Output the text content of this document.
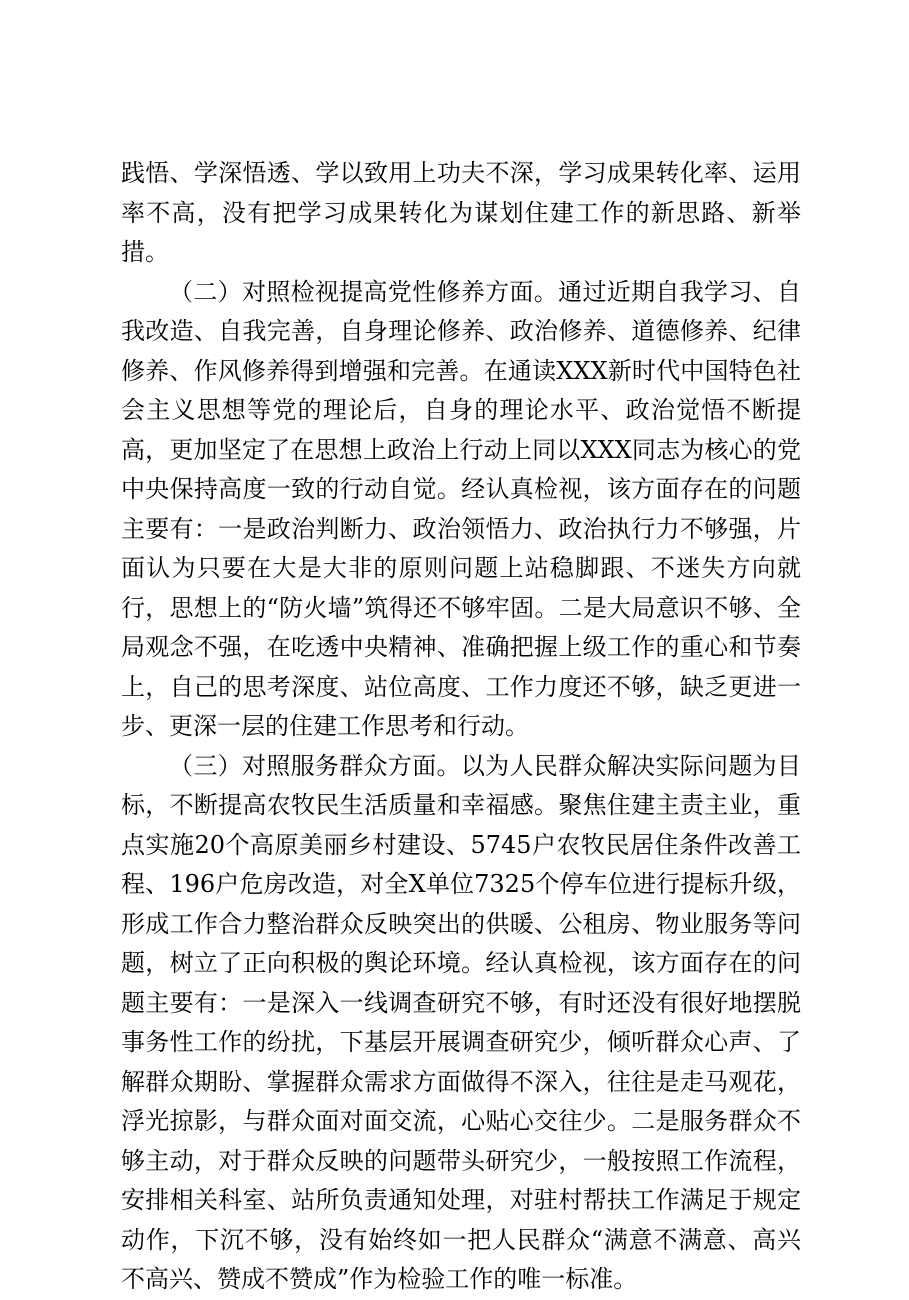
践悟、学深悟透、学以致用上功夫不深，学习成果转化率、运用率不高，没有把学习成果转化为谋划住建工作的新思路、新举措。

（二）对照检视提高党性修养方面。通过近期自我学习、自我改造、自我完善，自身理论修养、政治修养、道德修养、纪律修养、作风修养得到增强和完善。在通读XXX新时代中国特色社会主义思想等党的理论后，自身的理论水平、政治觉悟不断提高，更加坚定了在思想上政治上行动上同以XXX同志为核心的党中央保持高度一致的行动自觉。经认真检视，该方面存在的问题主要有：一是政治判断力、政治领悟力、政治执行力不够强，片面认为只要在大是大非的原则问题上站稳脚跟、不迷失方向就行，思想上的“防火墙”筑得还不够牢固。二是大局意识不够、全局观念不强，在吃透中央精神、准确把握上级工作的重心和节奏上，自己的思考深度、站位高度、工作力度还不够，缺乏更进一步、更深一层的住建工作思考和行动。

（三）对照服务群众方面。以为人民群众解决实际问题为目标，不断提高农牧民生活质量和幸福感。聚焦住建主责主业，重点实施20个高原美丽乡村建设、5745户农牧民居住条件改善工程、196户危房改造，对全X单位7325个停车位进行提标升级，形成工作合力整治群众反映突出的供暖、公租房、物业服务等问题，树立了正向积极的舆论环境。经认真检视，该方面存在的问题主要有：一是深入一线调查研究不够，有时还没有很好地摆脱事务性工作的纷扰，下基层开展调查研究少，倾听群众心声、了解群众期盼、掌握群众需求方面做得不深入，往往是走马观花，浮光掠影，与群众面对面交流，心贴心交往少。二是服务群众不够主动，对于群众反映的问题带头研究少，一般按照工作流程，安排相关科室、站所负责通知处理，对驻村帮扶工作满足于规定动作，下沉不够，没有始终如一把人民群众“满意不满意、高兴不高兴、赞成不赞成”作为检验工作的唯一标准。
